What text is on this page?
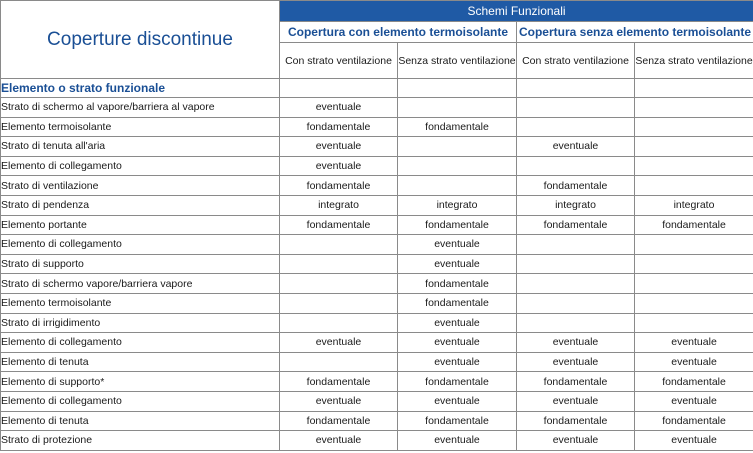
Coperture discontinue	Schemi Funzionali			
	Copertura con elemento termoisolante		Copertura senza elemento termoisolante	
	Con strato ventilazione	Senza strato ventilazione	Con strato ventilazione	Senza strato ventilazione
Elemento o strato funzionale				
Strato di schermo al vapore/barriera al vapore	eventuale			
Elemento termoisolante	fondamentale	fondamentale		
Strato di tenuta all'aria	eventuale		eventuale	
Elemento di collegamento	eventuale			
Strato di ventilazione	fondamentale		fondamentale	
Strato di pendenza	integrato	integrato	integrato	integrato
Elemento portante	fondamentale	fondamentale	fondamentale	fondamentale
Elemento di collegamento		eventuale		
Strato di supporto		eventuale		
Strato di schermo vapore/barriera vapore		fondamentale		
Elemento termoisolante		fondamentale		
Strato di irrigidimento		eventuale		
Elemento di collegamento	eventuale	eventuale	eventuale	eventuale
Elemento di tenuta		eventuale	eventuale	eventuale
Elemento di supporto*	fondamentale	fondamentale	fondamentale	fondamentale
Elemento di collegamento	eventuale	eventuale	eventuale	eventuale
Elemento di tenuta	fondamentale	fondamentale	fondamentale	fondamentale
Strato di protezione	eventuale	eventuale	eventuale	eventuale
